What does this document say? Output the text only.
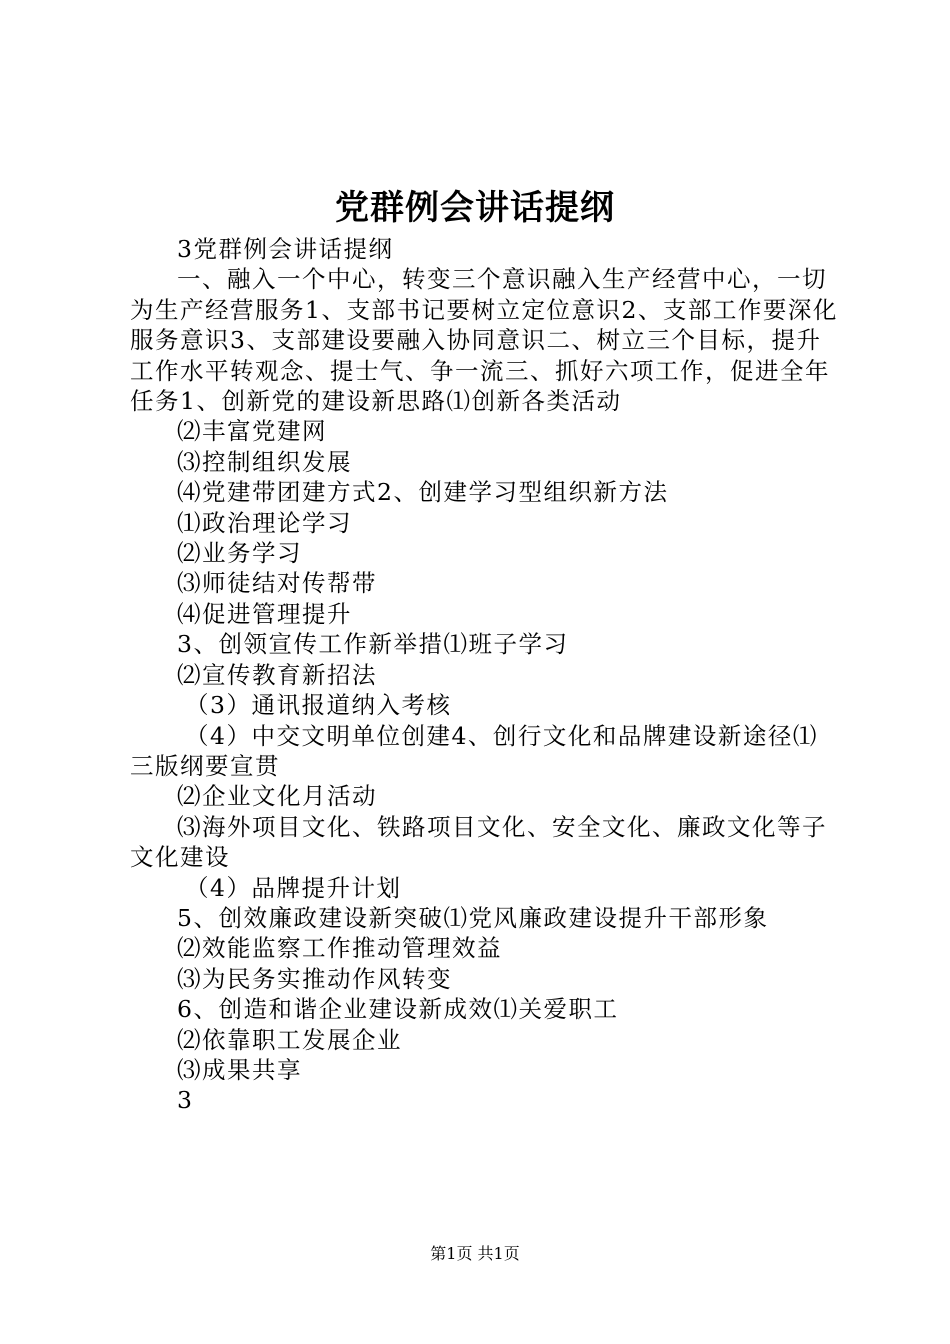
党群例会讲话提纲

3党群例会讲话提纲

一、融入一个中心，转变三个意识融入生产经营中心，一切为生产经营服务1、支部书记要树立定位意识2、支部工作要深化服务意识3、支部建设要融入协同意识二、树立三个目标，提升工作水平转观念、提士气、争一流三、抓好六项工作，促进全年任务1、创新党的建设新思路⑴创新各类活动

⑵丰富党建网

⑶控制组织发展

⑷党建带团建方式2、创建学习型组织新方法

⑴政治理论学习

⑵业务学习

⑶师徒结对传帮带

⑷促进管理提升

3、创领宣传工作新举措⑴班子学习

⑵宣传教育新招法

（3）通讯报道纳入考核

（4）中交文明单位创建4、创行文化和品牌建设新途径⑴三版纲要宣贯

⑵企业文化月活动

⑶海外项目文化、铁路项目文化、安全文化、廉政文化等子文化建设

（4）品牌提升计划

5、创效廉政建设新突破⑴党风廉政建设提升干部形象

⑵效能监察工作推动管理效益

⑶为民务实推动作风转变

6、创造和谐企业建设新成效⑴关爱职工

⑵依靠职工发展企业

⑶成果共享

3

第1页 共1页
